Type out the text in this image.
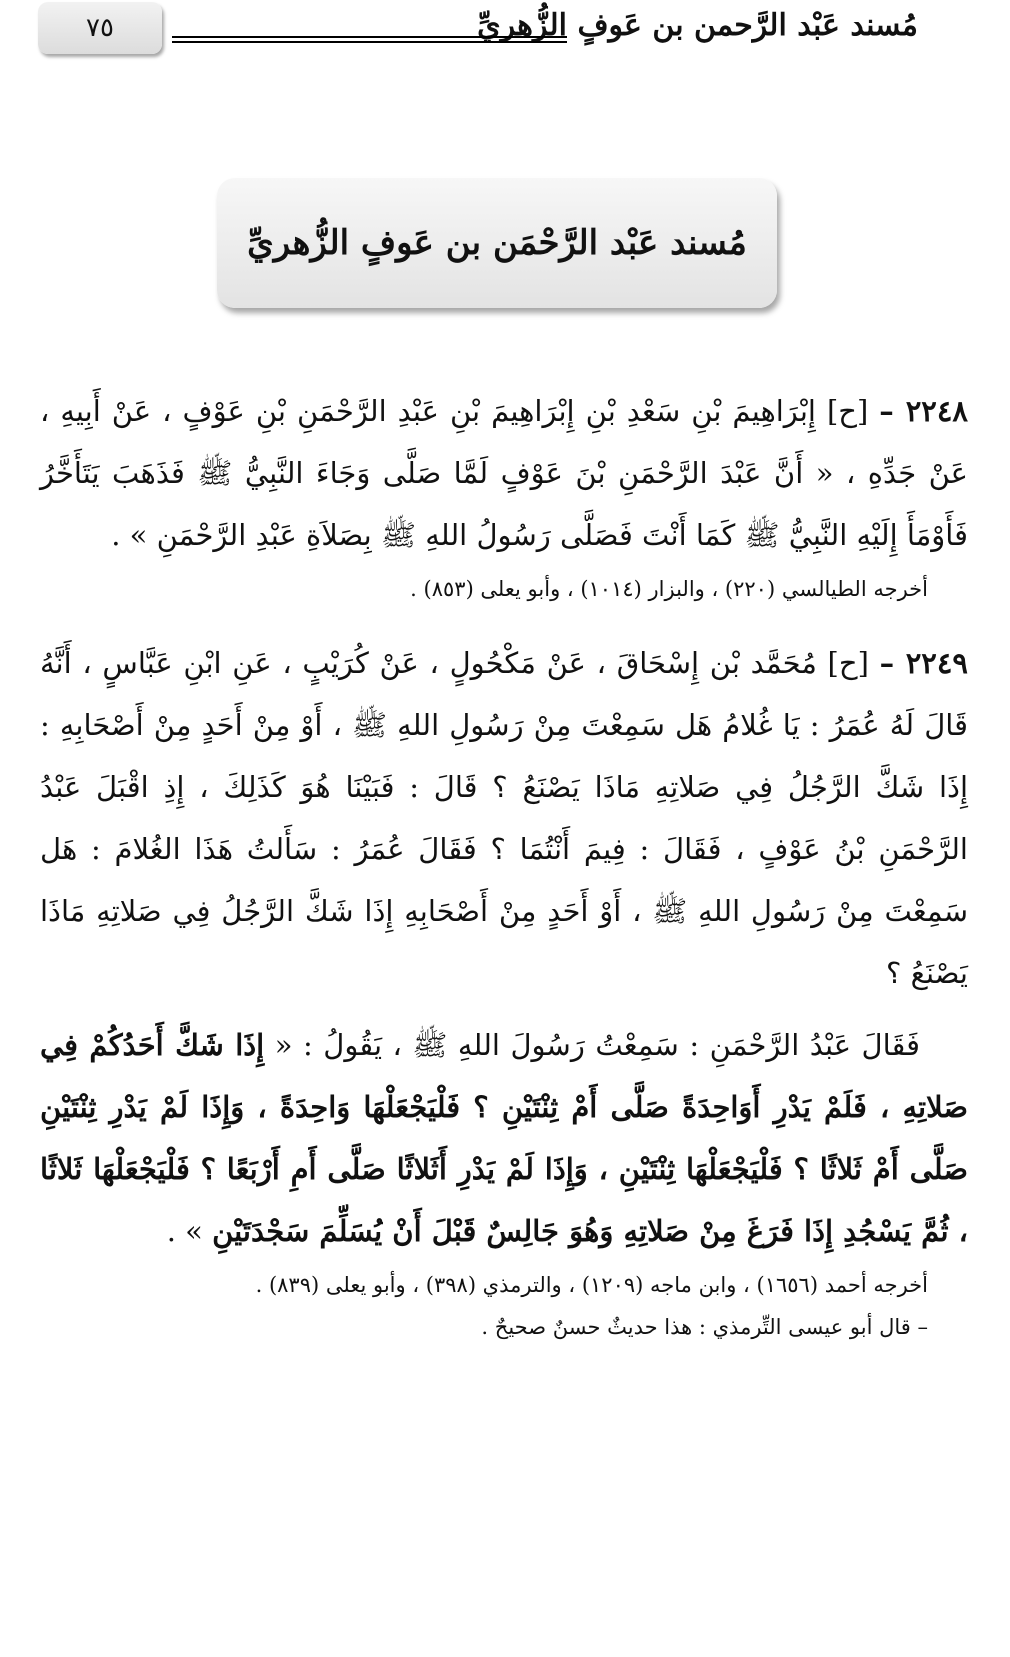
مُسند عَبْد الرَّحمن بن عَوفٍ الزُّهريِّ
٧٥
مُسند عَبْد الرَّحْمَن بن عَوفٍ الزُّهريِّ

٢٢٤٨ – [ح] إِبْرَاهِيمَ بْنِ سَعْدِ بْنِ إِبْرَاهِيمَ بْنِ عَبْدِ الرَّحْمَنِ بْنِ عَوْفٍ ، عَنْ أَبِيهِ ، عَنْ جَدِّهِ ، « أَنَّ عَبْدَ الرَّحْمَنِ بْنَ عَوْفٍ لَمَّا صَلَّى وَجَاءَ النَّبِيُّ ﷺ فَذَهَبَ يَتَأَخَّرُ فَأَوْمَأَ إِلَيْهِ النَّبِيُّ ﷺ كَمَا أَنْتَ فَصَلَّى رَسُولُ اللهِ ﷺ بِصَلاَةِ عَبْدِ الرَّحْمَنِ » .

أخرجه الطيالسي (٢٢٠) ، والبزار (١٠١٤) ، وأبو يعلى (٨٥٣) .

٢٢٤٩ – [ح] مُحَمَّد بْن إِسْحَاقَ ، عَنْ مَكْحُولٍ ، عَنْ كُرَيْبٍ ، عَنِ ابْنِ عَبَّاسٍ ، أَنَّهُ قَالَ لَهُ عُمَرُ : يَا غُلامُ هَل سَمِعْتَ مِنْ رَسُولِ اللهِ ﷺ ، أَوْ مِنْ أَحَدٍ مِنْ أَصْحَابِهِ : إِذَا شَكَّ الرَّجُلُ فِي صَلاتِهِ مَاذَا يَصْنَعُ ؟ قَالَ : فَبَيْنَا هُوَ كَذَلِكَ ، إِذِ اقْبَلَ عَبْدُ الرَّحْمَنِ بْنُ عَوْفٍ ، فَقَالَ : فِيمَ أَنْتُمَا ؟ فَقَالَ عُمَرُ : سَأَلتُ هَذَا الغُلامَ : هَل سَمِعْتَ مِنْ رَسُولِ اللهِ ﷺ ، أَوْ أَحَدٍ مِنْ أَصْحَابِهِ إِذَا شَكَّ الرَّجُلُ فِي صَلاتِهِ مَاذَا يَصْنَعُ ؟

فَقَالَ عَبْدُ الرَّحْمَنِ : سَمِعْتُ رَسُولَ اللهِ ﷺ ، يَقُولُ : « إِذَا شَكَّ أَحَدُكُمْ فِي صَلاتِهِ ، فَلَمْ يَدْرِ أَوَاحِدَةً صَلَّى أَمْ ثِنْتَيْنِ ؟ فَلْيَجْعَلْهَا وَاحِدَةً ، وَإِذَا لَمْ يَدْرِ ثِنْتَيْنِ صَلَّى أَمْ ثَلاثًا ؟ فَلْيَجْعَلْهَا ثِنْتَيْنِ ، وَإِذَا لَمْ يَدْرِ أَثَلاثًا صَلَّى أَمِ أَرْبَعًا ؟ فَلْيَجْعَلْهَا ثَلاثًا ، ثُمَّ يَسْجُدِ إِذَا فَرَغَ مِنْ صَلاتِهِ وَهُوَ جَالِسٌ قَبْلَ أَنْ يُسَلِّمَ سَجْدَتَيْنِ » .

أخرجه أحمد (١٦٥٦) ، وابن ماجه (١٢٠٩) ، والترمذي (٣٩٨) ، وأبو يعلى (٨٣٩) .

– قال أبو عيسى التِّرمذي : هذا حديثٌ حسنٌ صحيحٌ .
